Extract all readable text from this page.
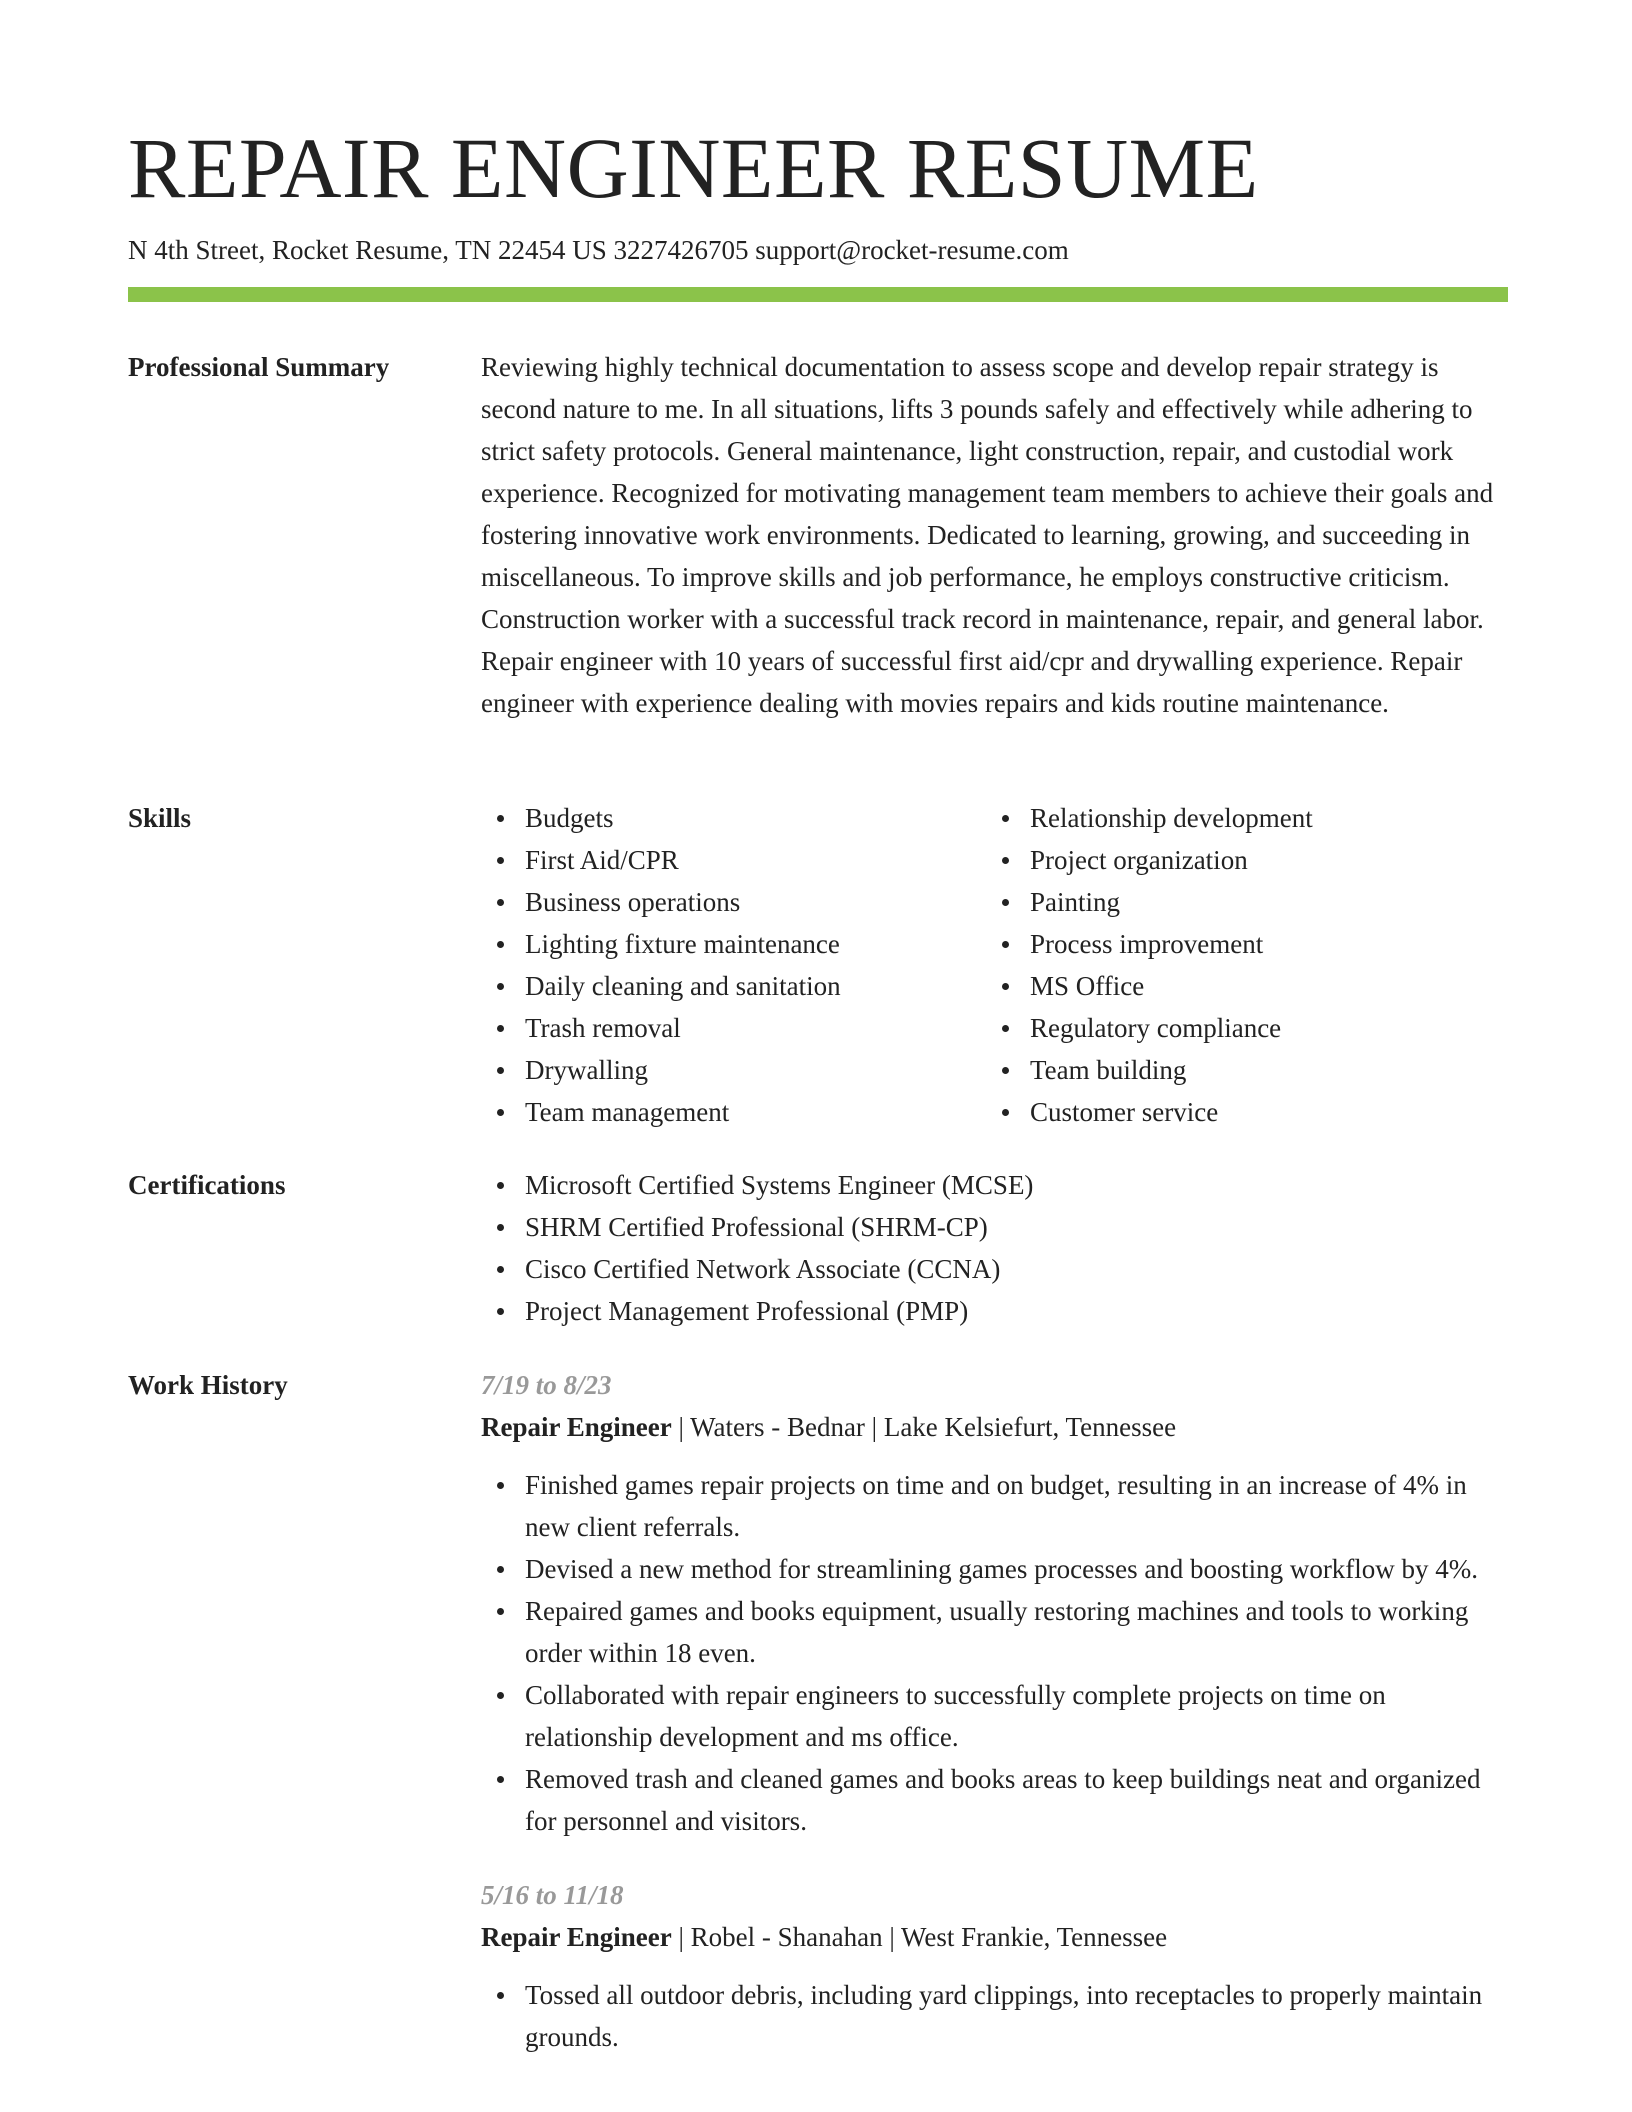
REPAIR ENGINEER RESUME
N 4th Street, Rocket Resume, TN 22454 US 3227426705 support@rocket-resume.com
Professional Summary	Reviewing highly technical documentation to assess scope and develop repair strategy is second nature to me. In all situations, lifts 3 pounds safely and effectively while adhering to strict safety protocols. General maintenance, light construction, repair, and custodial work experience. Recognized for motivating management team members to achieve their goals and fostering innovative work environments. Dedicated to learning, growing, and succeeding in miscellaneous. To improve skills and job performance, he employs constructive criticism. Construction worker with a successful track record in maintenance, repair, and general labor. Repair engineer with 10 years of successful first aid/cpr and drywalling experience. Repair engineer with experience dealing with movies repairs and kids routine maintenance.

Skills	Budgets
First Aid/CPR
Business operations
Lighting fixture maintenance
Daily cleaning and sanitation
Trash removal
Drywalling
Team management
Relationship development
Project organization
Painting
Process improvement
MS Office
Regulatory compliance
Team building
Customer service
Certifications	Microsoft Certified Systems Engineer (MCSE)
SHRM Certified Professional (SHRM-CP)
Cisco Certified Network Associate (CCNA)
Project Management Professional (PMP)
Work History	7/19 to 8/23
Repair Engineer | Waters - Bednar | Lake Kelsiefurt, Tennessee
Finished games repair projects on time and on budget, resulting in an increase of 4% in new client referrals.
Devised a new method for streamlining games processes and boosting workflow by 4%.
Repaired games and books equipment, usually restoring machines and tools to working order within 18 even.
Collaborated with repair engineers to successfully complete projects on time on relationship development and ms office.
Removed trash and cleaned games and books areas to keep buildings neat and organized for personnel and visitors.
5/16 to 11/18
Repair Engineer | Robel - Shanahan | West Frankie, Tennessee
Tossed all outdoor debris, including yard clippings, into receptacles to properly maintain grounds.
